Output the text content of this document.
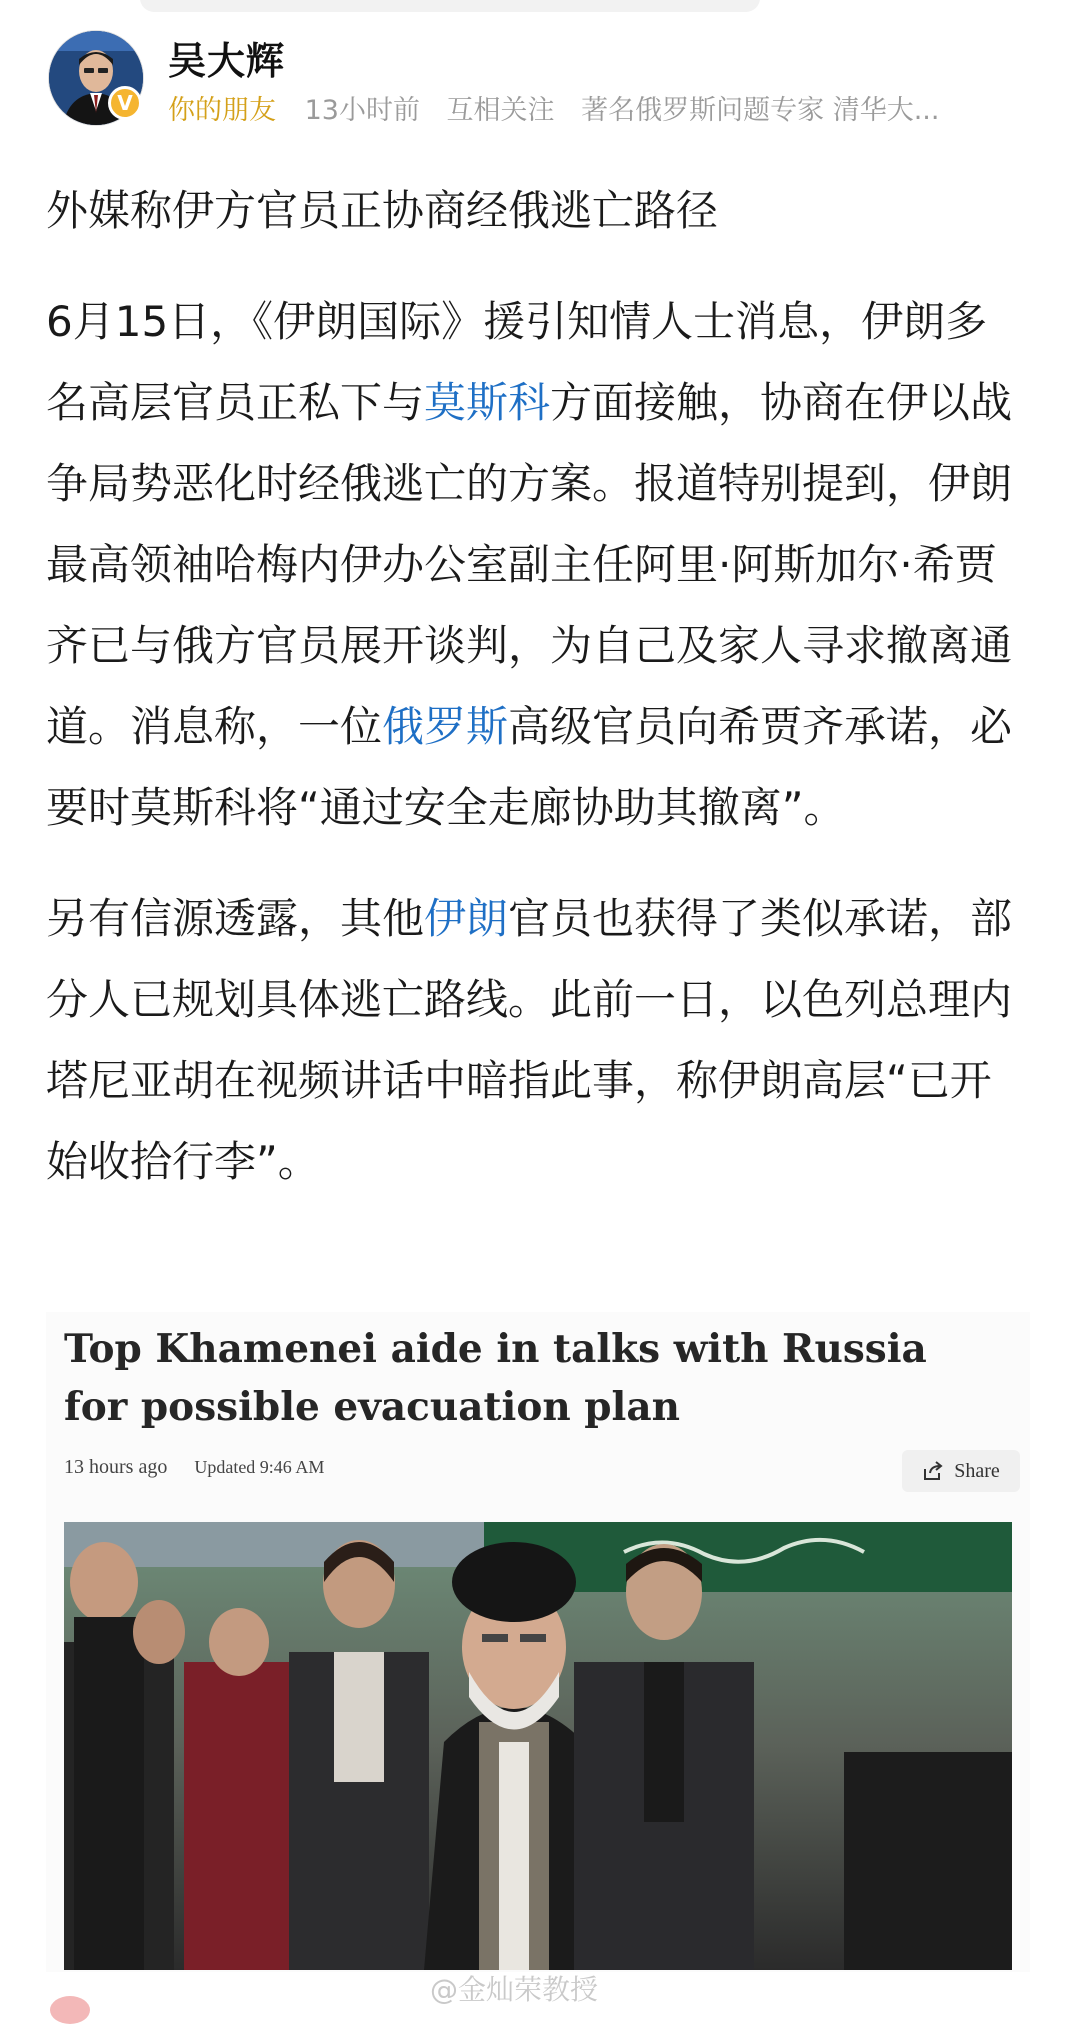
V
吴大辉
你的朋友 13小时前 互相关注 著名俄罗斯问题专家 清华大...

外媒称伊方官员正协商经俄逃亡路径

6月15日，《伊朗国际》援引知情人士消息，伊朗多名高层官员正私下与莫斯科方面接触，协商在伊以战争局势恶化时经俄逃亡的方案。报道特别提到，伊朗最高领袖哈梅内伊办公室副主任阿里·阿斯加尔·希贾齐已与俄方官员展开谈判，为自己及家人寻求撤离通道。消息称，一位俄罗斯高级官员向希贾齐承诺，必要时莫斯科将“通过安全走廊协助其撤离”。

另有信源透露，其他伊朗官员也获得了类似承诺，部分人已规划具体逃亡路线。此前一日，以色列总理内塔尼亚胡在视频讲话中暗指此事，称伊朗高层“已开始收拾行李”。

Top Khamenei aide in talks with Russia for possible evacuation plan
13 hours ago Updated 9:46 AM	Share
@金灿荣教授
